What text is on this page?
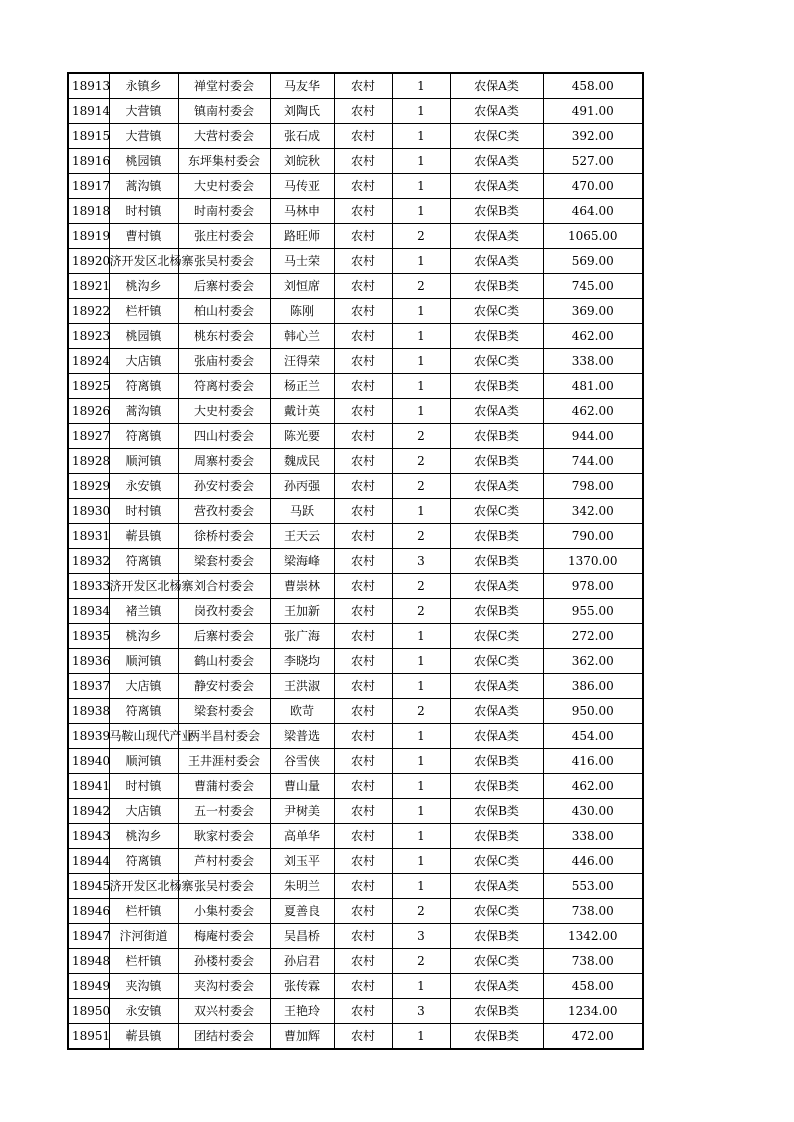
18913	永镇乡	禅堂村委会	马友华	农村	1	农保A类	458.00
18914	大营镇	镇南村委会	刘陶氏	农村	1	农保A类	491.00
18915	大营镇	大营村委会	张石成	农村	1	农保C类	392.00
18916	桃园镇	东坪集村委会	刘皖秋	农村	1	农保A类	527.00
18917	蒿沟镇	大史村委会	马传亚	农村	1	农保A类	470.00
18918	时村镇	时南村委会	马林申	农村	1	农保B类	464.00
18919	曹村镇	张庄村委会	路旺师	农村	2	农保A类	1065.00
18920	济开发区北杨寨	张吴村委会	马士荣	农村	1	农保A类	569.00
18921	桃沟乡	后寨村委会	刘恒席	农村	2	农保B类	745.00
18922	栏杆镇	柏山村委会	陈刚	农村	1	农保C类	369.00
18923	桃园镇	桃东村委会	韩心兰	农村	1	农保B类	462.00
18924	大店镇	张庙村委会	汪得荣	农村	1	农保C类	338.00
18925	符离镇	符离村委会	杨正兰	农村	1	农保B类	481.00
18926	蒿沟镇	大史村委会	戴计英	农村	1	农保A类	462.00
18927	符离镇	四山村委会	陈光要	农村	2	农保B类	944.00
18928	顺河镇	周寨村委会	魏成民	农村	2	农保B类	744.00
18929	永安镇	孙安村委会	孙丙强	农村	2	农保A类	798.00
18930	时村镇	营孜村委会	马跃	农村	1	农保C类	342.00
18931	蕲县镇	徐桥村委会	王天云	农村	2	农保B类	790.00
18932	符离镇	梁套村委会	梁海峰	农村	3	农保B类	1370.00
18933	济开发区北杨寨	刘合村委会	曹崇林	农村	2	农保A类	978.00
18934	褚兰镇	岗孜村委会	王加新	农村	2	农保B类	955.00
18935	桃沟乡	后寨村委会	张广海	农村	1	农保C类	272.00
18936	顺河镇	鹤山村委会	李晓均	农村	1	农保C类	362.00
18937	大店镇	静安村委会	王洪淑	农村	1	农保A类	386.00
18938	符离镇	梁套村委会	欧苛	农村	2	农保A类	950.00
18939	马鞍山现代产业	两半昌村委会	梁普选	农村	1	农保A类	454.00
18940	顺河镇	王井涯村委会	谷雪侠	农村	1	农保B类	416.00
18941	时村镇	曹蒲村委会	曹山量	农村	1	农保B类	462.00
18942	大店镇	五一村委会	尹树美	农村	1	农保B类	430.00
18943	桃沟乡	耿家村委会	高单华	农村	1	农保B类	338.00
18944	符离镇	芦村村委会	刘玉平	农村	1	农保C类	446.00
18945	济开发区北杨寨	张吴村委会	朱明兰	农村	1	农保A类	553.00
18946	栏杆镇	小集村委会	夏善良	农村	2	农保C类	738.00
18947	汴河街道	梅庵村委会	吴昌桥	农村	3	农保B类	1342.00
18948	栏杆镇	孙楼村委会	孙启君	农村	2	农保C类	738.00
18949	夹沟镇	夹沟村委会	张传霖	农村	1	农保A类	458.00
18950	永安镇	双兴村委会	王艳玲	农村	3	农保B类	1234.00
18951	蕲县镇	团结村委会	曹加辉	农村	1	农保B类	472.00
